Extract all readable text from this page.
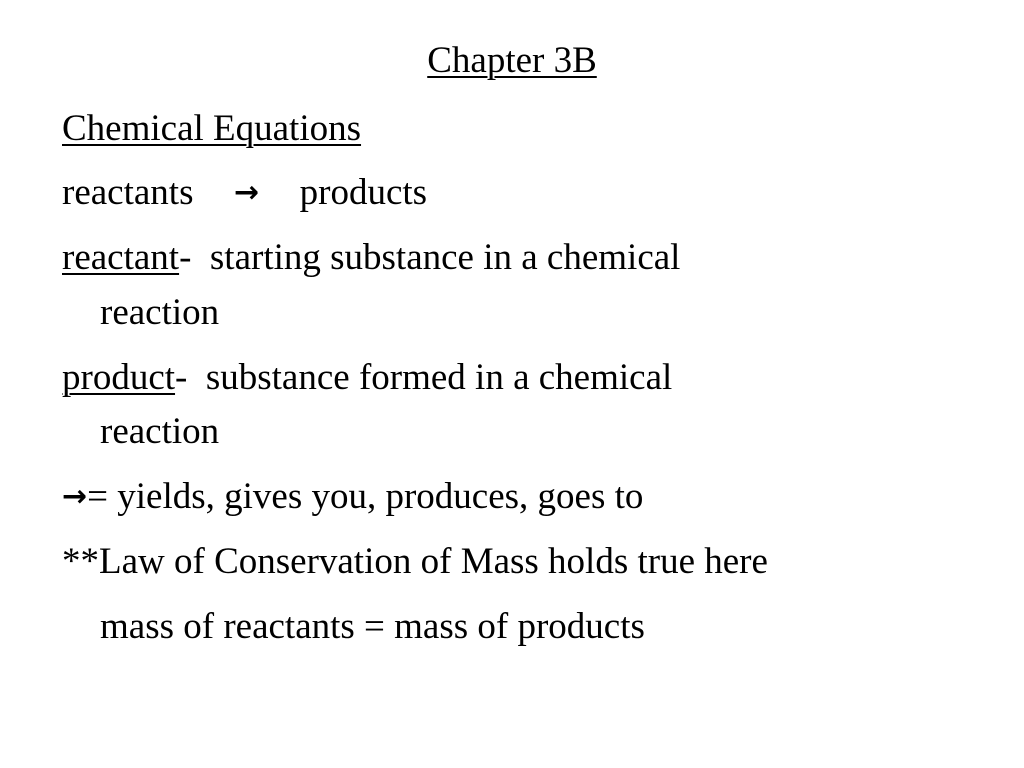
Chapter 3B
Chemical Equations
reactants → products
reactant-  starting substance in a chemical
reaction
product-  substance formed in a chemical
reaction
→= yields, gives you, produces, goes to
**Law of Conservation of Mass holds true here
mass of reactants = mass of products
